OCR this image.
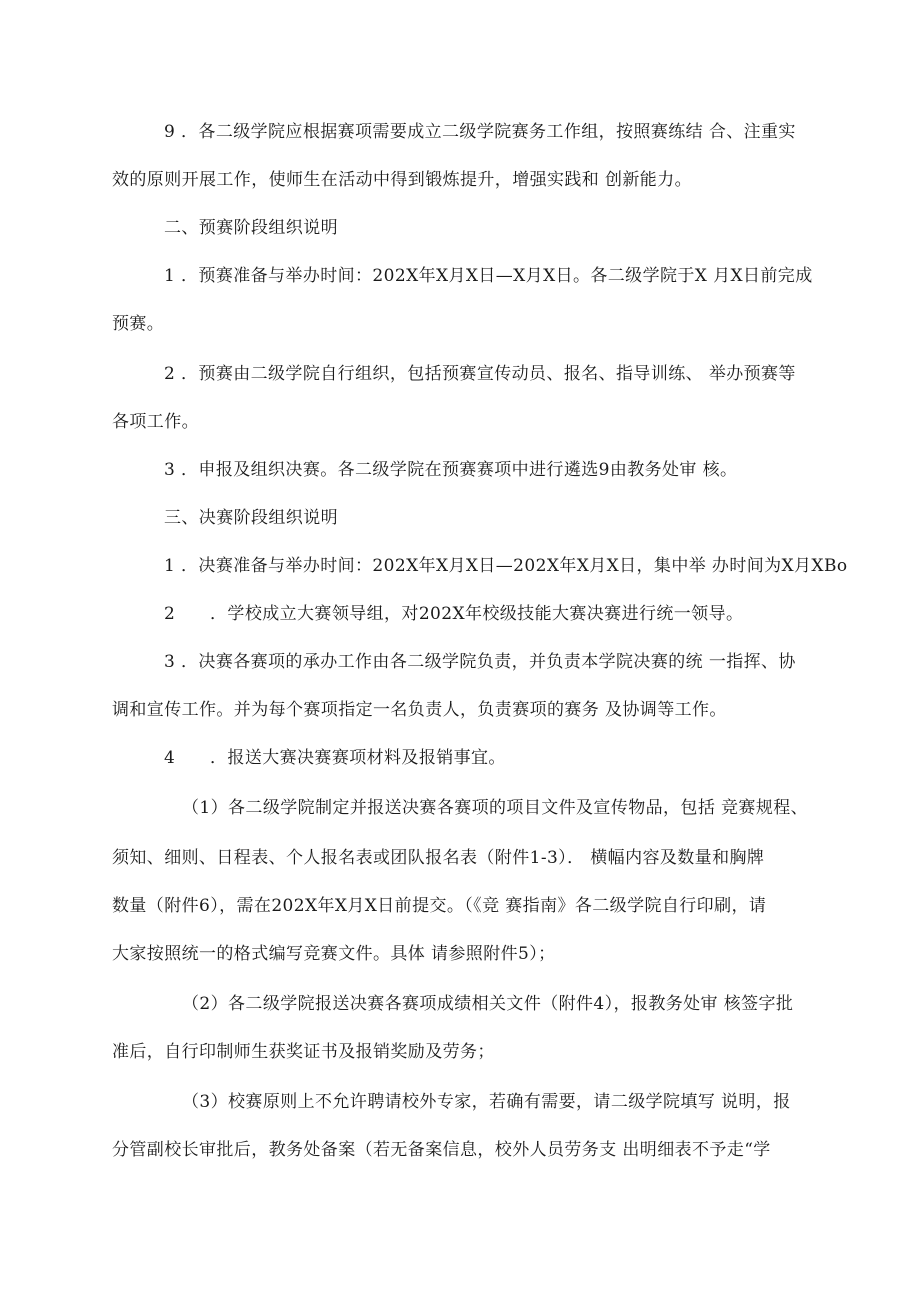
9 ．各二级学院应根据赛项需要成立二级学院赛务工作组，按照赛练结 合、注重实
效的原则开展工作，使师生在活动中得到锻炼提升，增强实践和 创新能力。
二、预赛阶段组织说明
1 ．预赛准备与举办时间：202X年X月X日—X月X日。各二级学院于X 月X日前完成
预赛。
2 ．预赛由二级学院自行组织，包括预赛宣传动员、报名、指导训练、 举办预赛等
各项工作。
3 ．申报及组织决赛。各二级学院在预赛赛项中进行遴选9由教务处审 核。
三、决赛阶段组织说明
1 ．决赛准备与举办时间：202X年X月X日—202X年X月X日，集中举 办时间为X月XBo
2　　．学校成立大赛领导组，对202X年校级技能大赛决赛进行统一领导。
3 ．决赛各赛项的承办工作由各二级学院负责，并负责本学院决赛的统 一指挥、协
调和宣传工作。并为每个赛项指定一名负责人，负责赛项的赛务 及协调等工作。
4　　．报送大赛决赛赛项材料及报销事宜。
（1）各二级学院制定并报送决赛各赛项的项目文件及宣传物品，包括 竞赛规程、
须知、细则、日程表、个人报名表或团队报名表（附件1-3）． 横幅内容及数量和胸牌
数量（附件6），需在202X年X月X日前提交。（《竞 赛指南》各二级学院自行印刷，请
大家按照统一的格式编写竞赛文件。具体 请参照附件5）；
（2）各二级学院报送决赛各赛项成绩相关文件（附件4），报教务处审 核签字批
准后，自行印制师生获奖证书及报销奖励及劳务；
（3）校赛原则上不允许聘请校外专家，若确有需要，请二级学院填写 说明，报
分管副校长审批后，教务处备案（若无备案信息，校外人员劳务支 出明细表不予走“学
